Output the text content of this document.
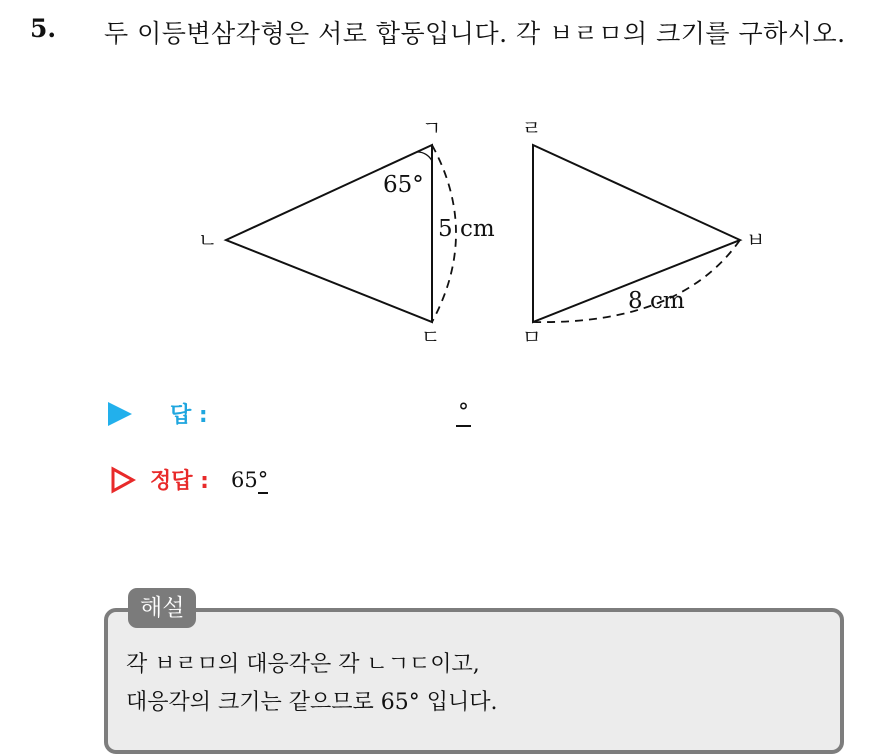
5. 두 이등변삼각형은 서로 합동입니다. 각 ㅂㄹㅁ의 크기를 구하시오.
ㄱ
ㄴ
ㄷ
65°
5 cm
ㄹ
ㅂ
ㅁ
8 cm
답 :	°
정답 : 65°
해설
각 ㅂㄹㅁ의 대응각은 각 ㄴㄱㄷ이고,
대응각의 크기는 같으므로 65° 입니다.
